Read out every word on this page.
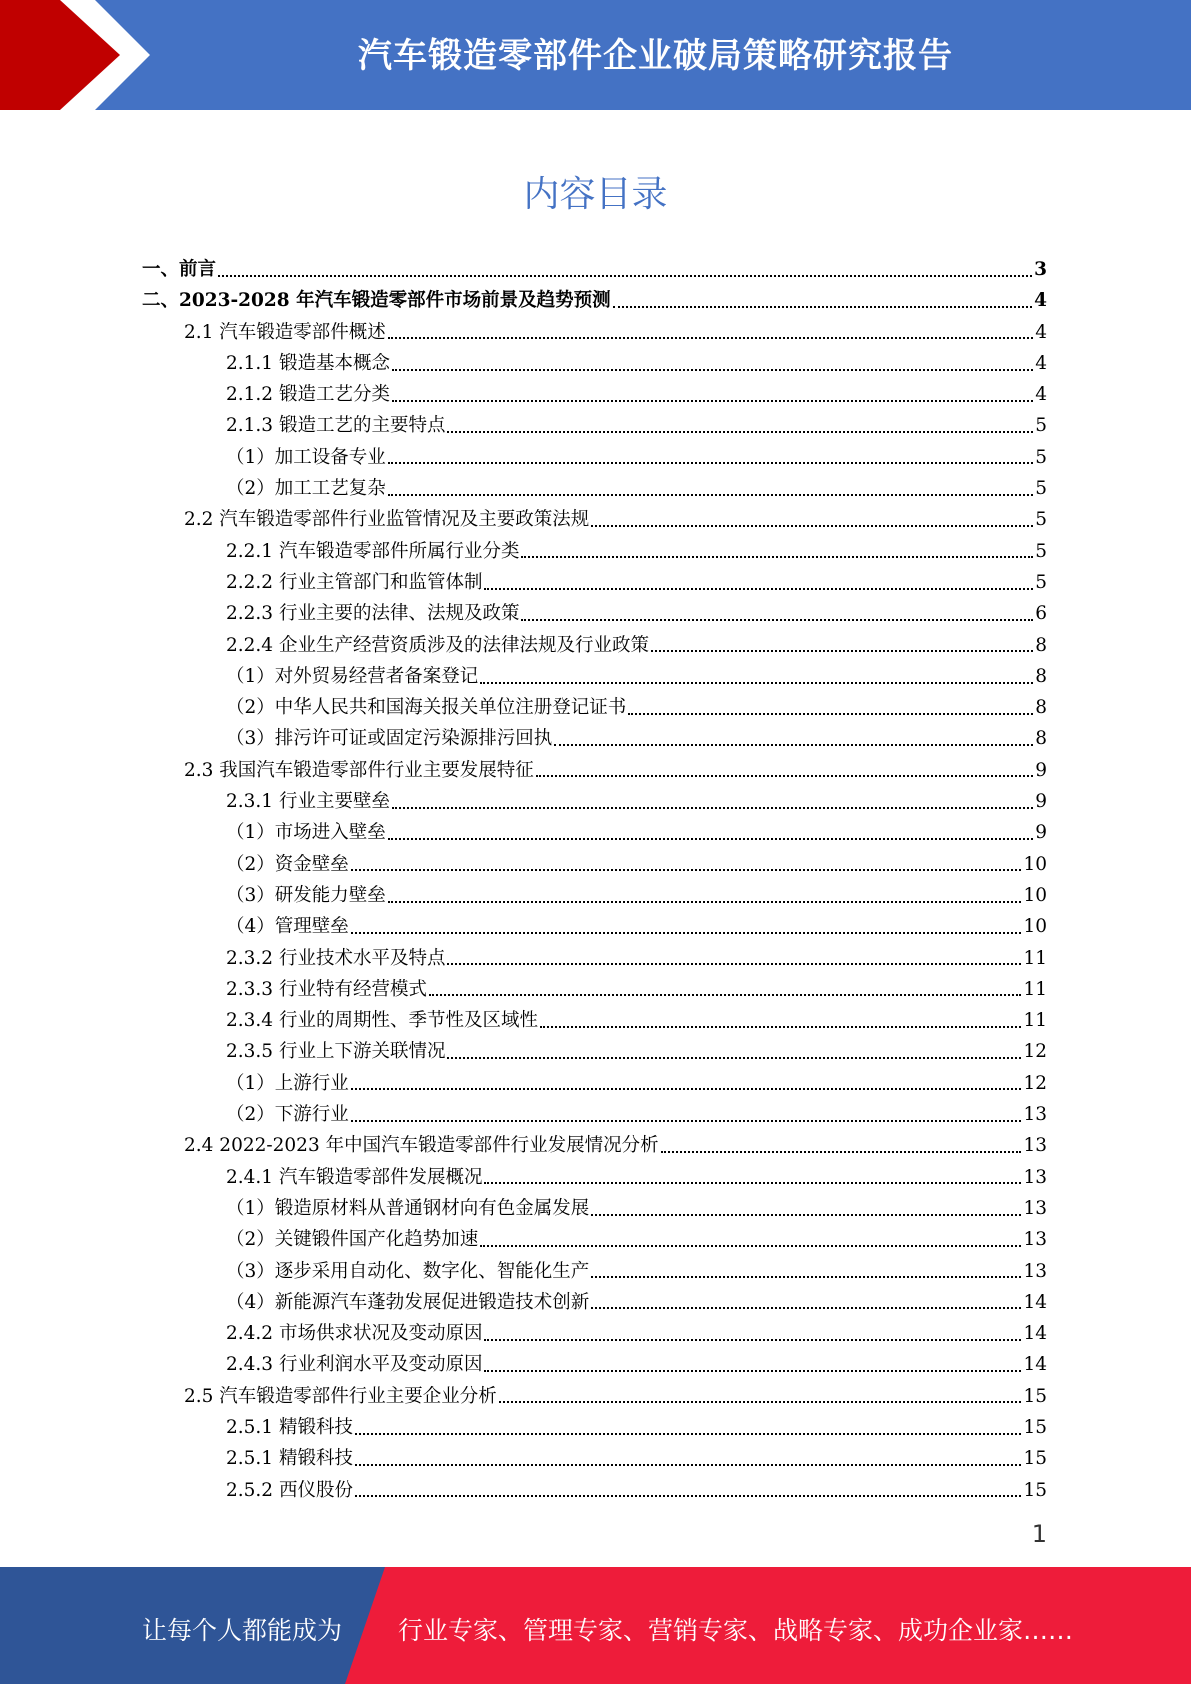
汽车锻造零部件企业破局策略研究报告
内容目录
一、前言	3
二、2023-2028 年汽车锻造零部件市场前景及趋势预测	4
2.1 汽车锻造零部件概述	4
2.1.1 锻造基本概念	4
2.1.2 锻造工艺分类	4
2.1.3 锻造工艺的主要特点	5
（1）加工设备专业	5
（2）加工工艺复杂	5
2.2 汽车锻造零部件行业监管情况及主要政策法规	5
2.2.1 汽车锻造零部件所属行业分类	5
2.2.2 行业主管部门和监管体制	5
2.2.3 行业主要的法律、法规及政策	6
2.2.4 企业生产经营资质涉及的法律法规及行业政策	8
（1）对外贸易经营者备案登记	8
（2）中华人民共和国海关报关单位注册登记证书	8
（3）排污许可证或固定污染源排污回执	8
2.3 我国汽车锻造零部件行业主要发展特征	9
2.3.1 行业主要壁垒	9
（1）市场进入壁垒	9
（2）资金壁垒	10
（3）研发能力壁垒	10
（4）管理壁垒	10
2.3.2 行业技术水平及特点	11
2.3.3 行业特有经营模式	11
2.3.4 行业的周期性、季节性及区域性	11
2.3.5 行业上下游关联情况	12
（1）上游行业	12
（2）下游行业	13
2.4 2022-2023 年中国汽车锻造零部件行业发展情况分析	13
2.4.1 汽车锻造零部件发展概况	13
（1）锻造原材料从普通钢材向有色金属发展	13
（2）关键锻件国产化趋势加速	13
（3）逐步采用自动化、数字化、智能化生产	13
（4）新能源汽车蓬勃发展促进锻造技术创新	14
2.4.2 市场供求状况及变动原因	14
2.4.3 行业利润水平及变动原因	14
2.5 汽车锻造零部件行业主要企业分析	15
2.5.1 精锻科技	15
2.5.1 精锻科技	15
2.5.2 西仪股份	15
1
让每个人都能成为 行业专家、管理专家、营销专家、战略专家、成功企业家……
